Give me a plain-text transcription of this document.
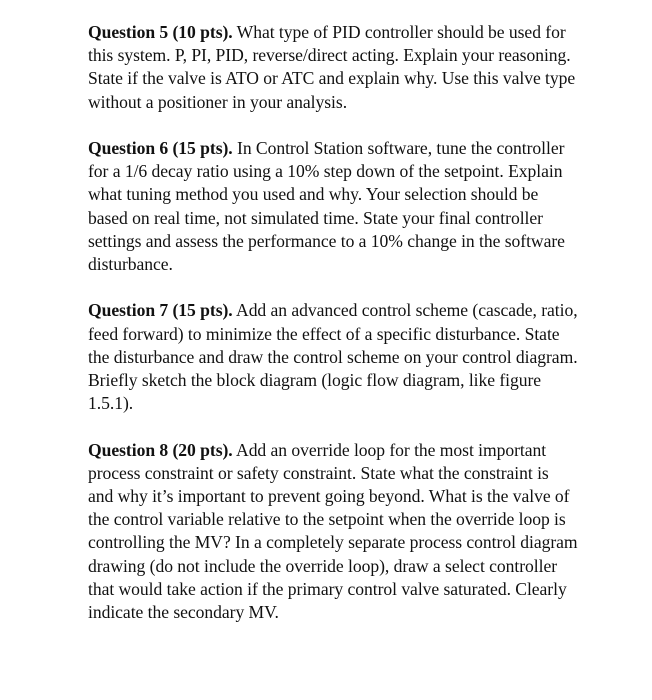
Question 5 (10 pts). What type of PID controller should be used for this system. P, PI, PID, reverse/direct acting. Explain your reasoning. State if the valve is ATO or ATC and explain why. Use this valve type without a positioner in your analysis.

Question 6 (15 pts). In Control Station software, tune the controller for a 1/6 decay ratio using a 10% step down of the setpoint. Explain what tuning method you used and why. Your selection should be based on real time, not simulated time. State your final controller settings and assess the performance to a 10% change in the software disturbance.

Question 7 (15 pts). Add an advanced control scheme (cascade, ratio, feed forward) to minimize the effect of a specific disturbance. State the disturbance and draw the control scheme on your control diagram. Briefly sketch the block diagram (logic flow diagram, like figure 1.5.1).

Question 8 (20 pts). Add an override loop for the most important process constraint or safety constraint. State what the constraint is and why it’s important to prevent going beyond. What is the valve of the control variable relative to the setpoint when the override loop is controlling the MV? In a completely separate process control diagram drawing (do not include the override loop), draw a select controller that would take action if the primary control valve saturated. Clearly indicate the secondary MV.
